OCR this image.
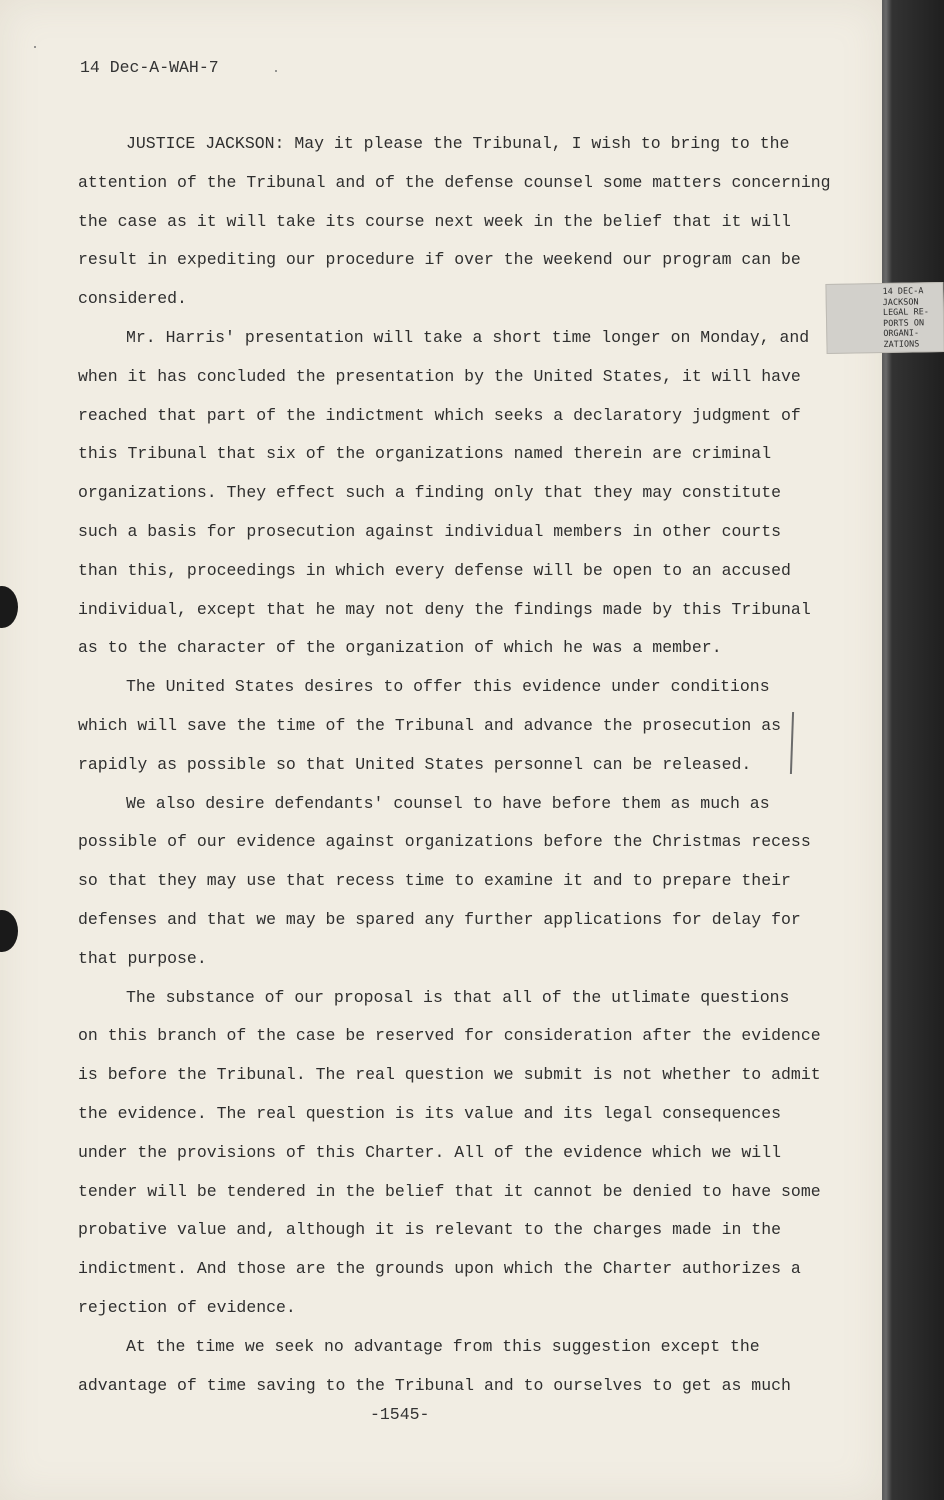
14 Dec-A-WAH-7
JUSTICE JACKSON: May it please the Tribunal, I wish to bring to the
attention of the Tribunal and of the defense counsel some matters concerning
the case as it will take its course next week in the belief that it will
result in expediting our procedure if over the weekend our program can be
considered.
Mr. Harris' presentation will take a short time longer on Monday, and
when it has concluded the presentation by the United States, it will have
reached that part of the indictment which seeks a declaratory judgment of
this Tribunal that six of the organizations named therein are criminal
organizations. They effect such a finding only that they may constitute
such a basis for prosecution against individual members in other courts
than this, proceedings in which every defense will be open to an accused
individual, except that he may not deny the findings made by this Tribunal
as to the character of the organization of which he was a member.
The United States desires to offer this evidence under conditions
which will save the time of the Tribunal and advance the prosecution as
rapidly as possible so that United States personnel can be released.
We also desire defendants' counsel to have before them as much as
possible of our evidence against organizations before the Christmas recess
so that they may use that recess time to examine it and to prepare their
defenses and that we may be spared any further applications for delay for
that purpose.
The substance of our proposal is that all of the utlimate questions
on this branch of the case be reserved for consideration after the evidence
is before the Tribunal. The real question we submit is not whether to admit
the evidence. The real question is its value and its legal consequences
under the provisions of this Charter. All of the evidence which we will
tender will be tendered in the belief that it cannot be denied to have some
probative value and, although it is relevant to the charges made in the
indictment. And those are the grounds upon which the Charter authorizes a
rejection of evidence.
At the time we seek no advantage from this suggestion except the
advantage of time saving to the Tribunal and to ourselves to get as much
-1545-
14 DEC-A
JACKSON
LEGAL RE-
PORTS ON
ORGANI-
ZATIONS
